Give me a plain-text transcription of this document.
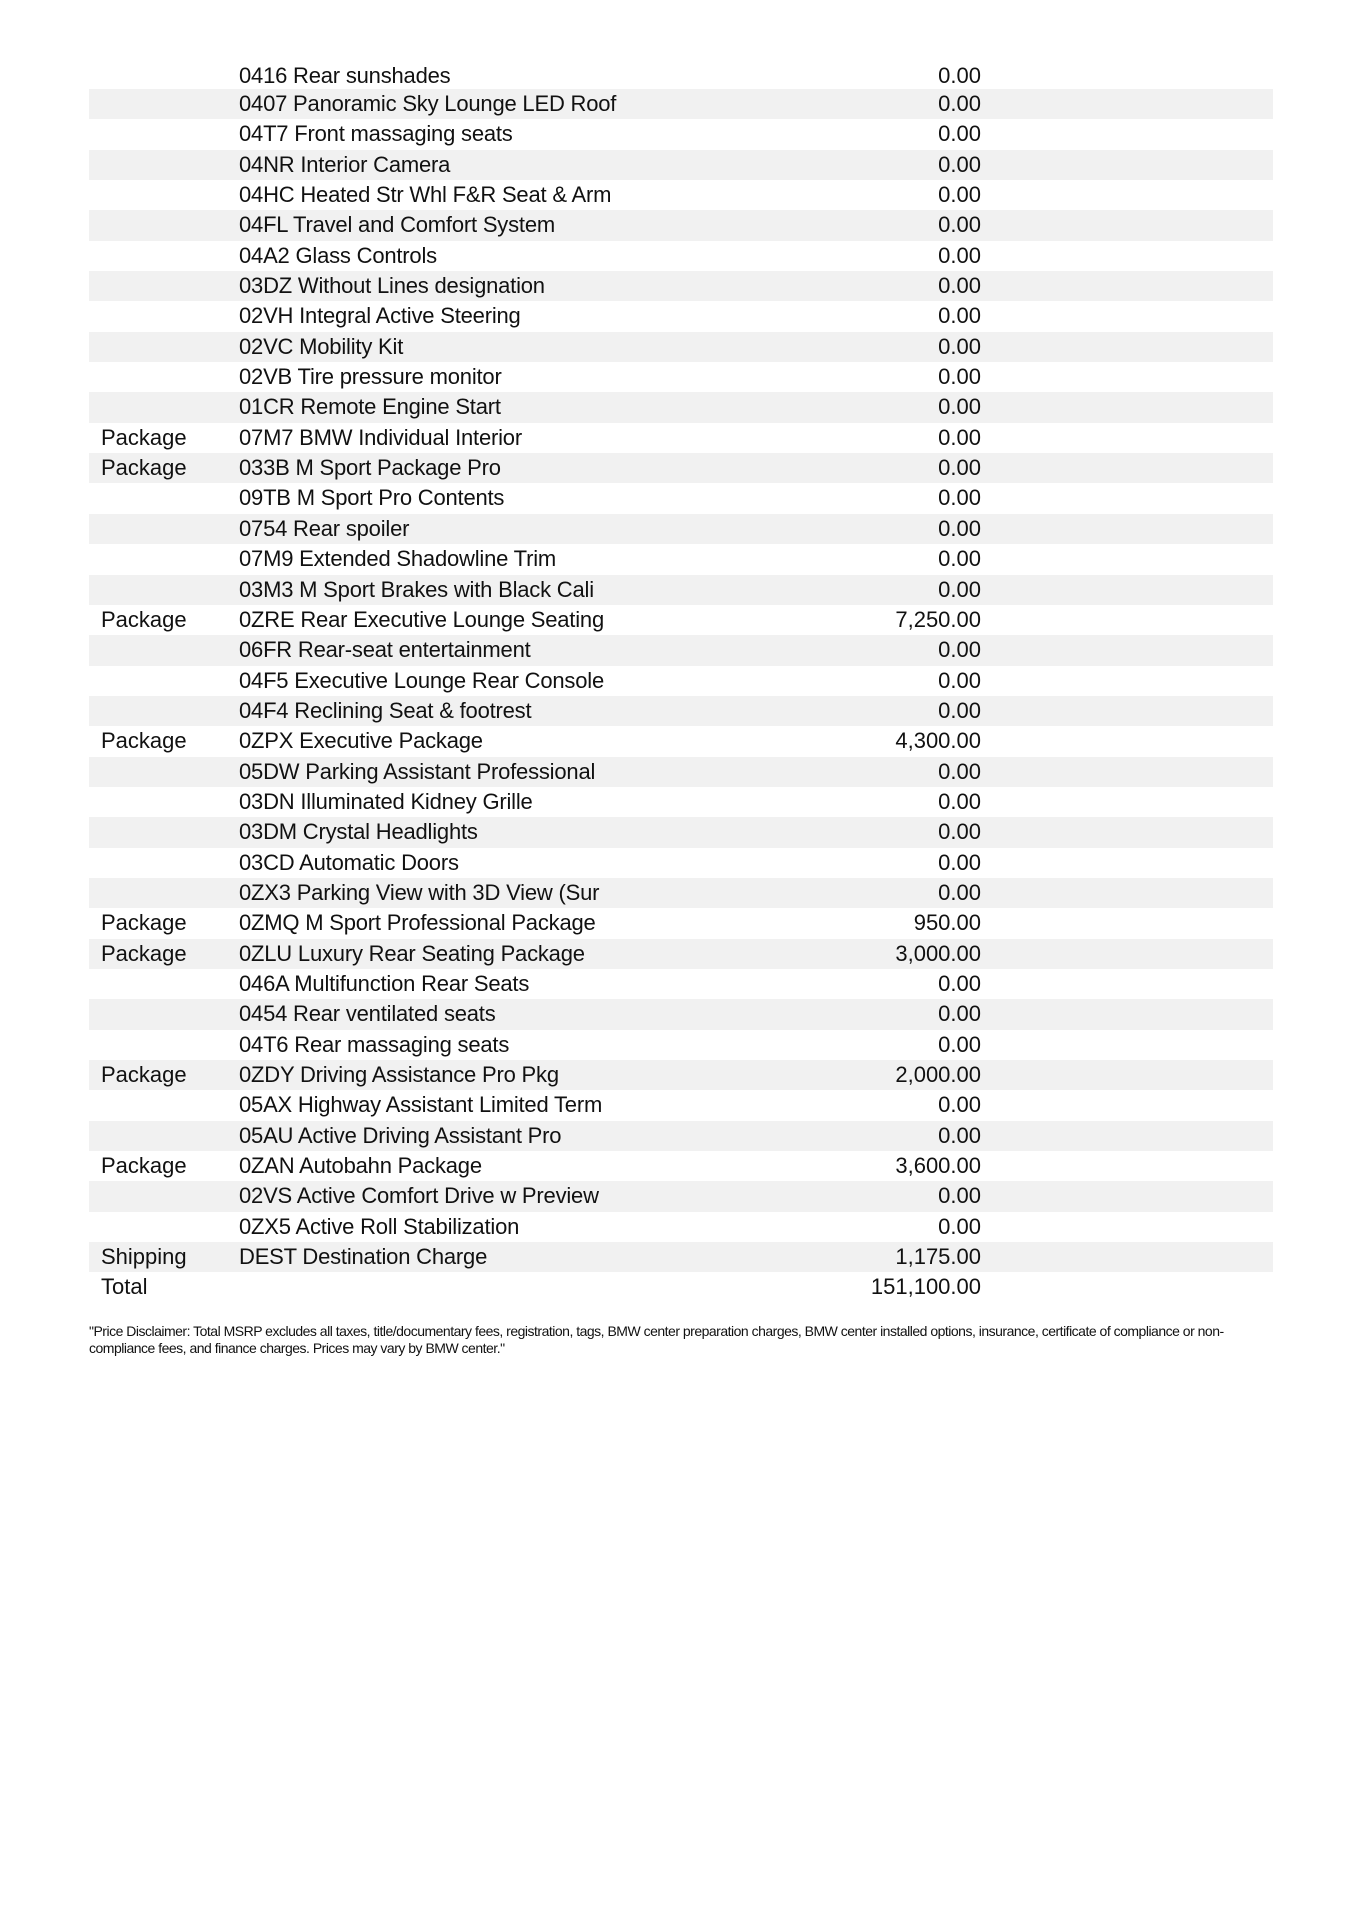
0416 Rear sunshades	0.00
0407 Panoramic Sky Lounge LED Roof	0.00
04T7 Front massaging seats	0.00
04NR Interior Camera	0.00
04HC Heated Str Whl F&R Seat & Arm	0.00
04FL Travel and Comfort System	0.00
04A2 Glass Controls	0.00
03DZ Without Lines designation	0.00
02VH Integral Active Steering	0.00
02VC Mobility Kit	0.00
02VB Tire pressure monitor	0.00
01CR Remote Engine Start	0.00
Package 07M7 BMW Individual Interior	0.00
Package 033B M Sport Package Pro	0.00
09TB M Sport Pro Contents	0.00
0754 Rear spoiler	0.00
07M9 Extended Shadowline Trim	0.00
03M3 M Sport Brakes with Black Cali	0.00
Package 0ZRE Rear Executive Lounge Seating	7,250.00
06FR Rear-seat entertainment	0.00
04F5 Executive Lounge Rear Console	0.00
04F4 Reclining Seat & footrest	0.00
Package 0ZPX Executive Package	4,300.00
05DW Parking Assistant Professional	0.00
03DN Illuminated Kidney Grille	0.00
03DM Crystal Headlights	0.00
03CD Automatic Doors	0.00
0ZX3 Parking View with 3D View (Sur	0.00
Package 0ZMQ M Sport Professional Package	950.00
Package 0ZLU Luxury Rear Seating Package	3,000.00
046A Multifunction Rear Seats	0.00
0454 Rear ventilated seats	0.00
04T6 Rear massaging seats	0.00
Package 0ZDY Driving Assistance Pro Pkg	2,000.00
05AX Highway Assistant Limited Term	0.00
05AU Active Driving Assistant Pro	0.00
Package 0ZAN Autobahn Package	3,600.00
02VS Active Comfort Drive w Preview	0.00
0ZX5 Active Roll Stabilization	0.00
Shipping DEST Destination Charge	1,175.00
Total	151,100.00
"Price Disclaimer: Total MSRP excludes all taxes, title/documentary fees, registration, tags, BMW center preparation charges, BMW center installed options, insurance, certificate of compliance or non-compliance fees, and finance charges. Prices may vary by BMW center."
